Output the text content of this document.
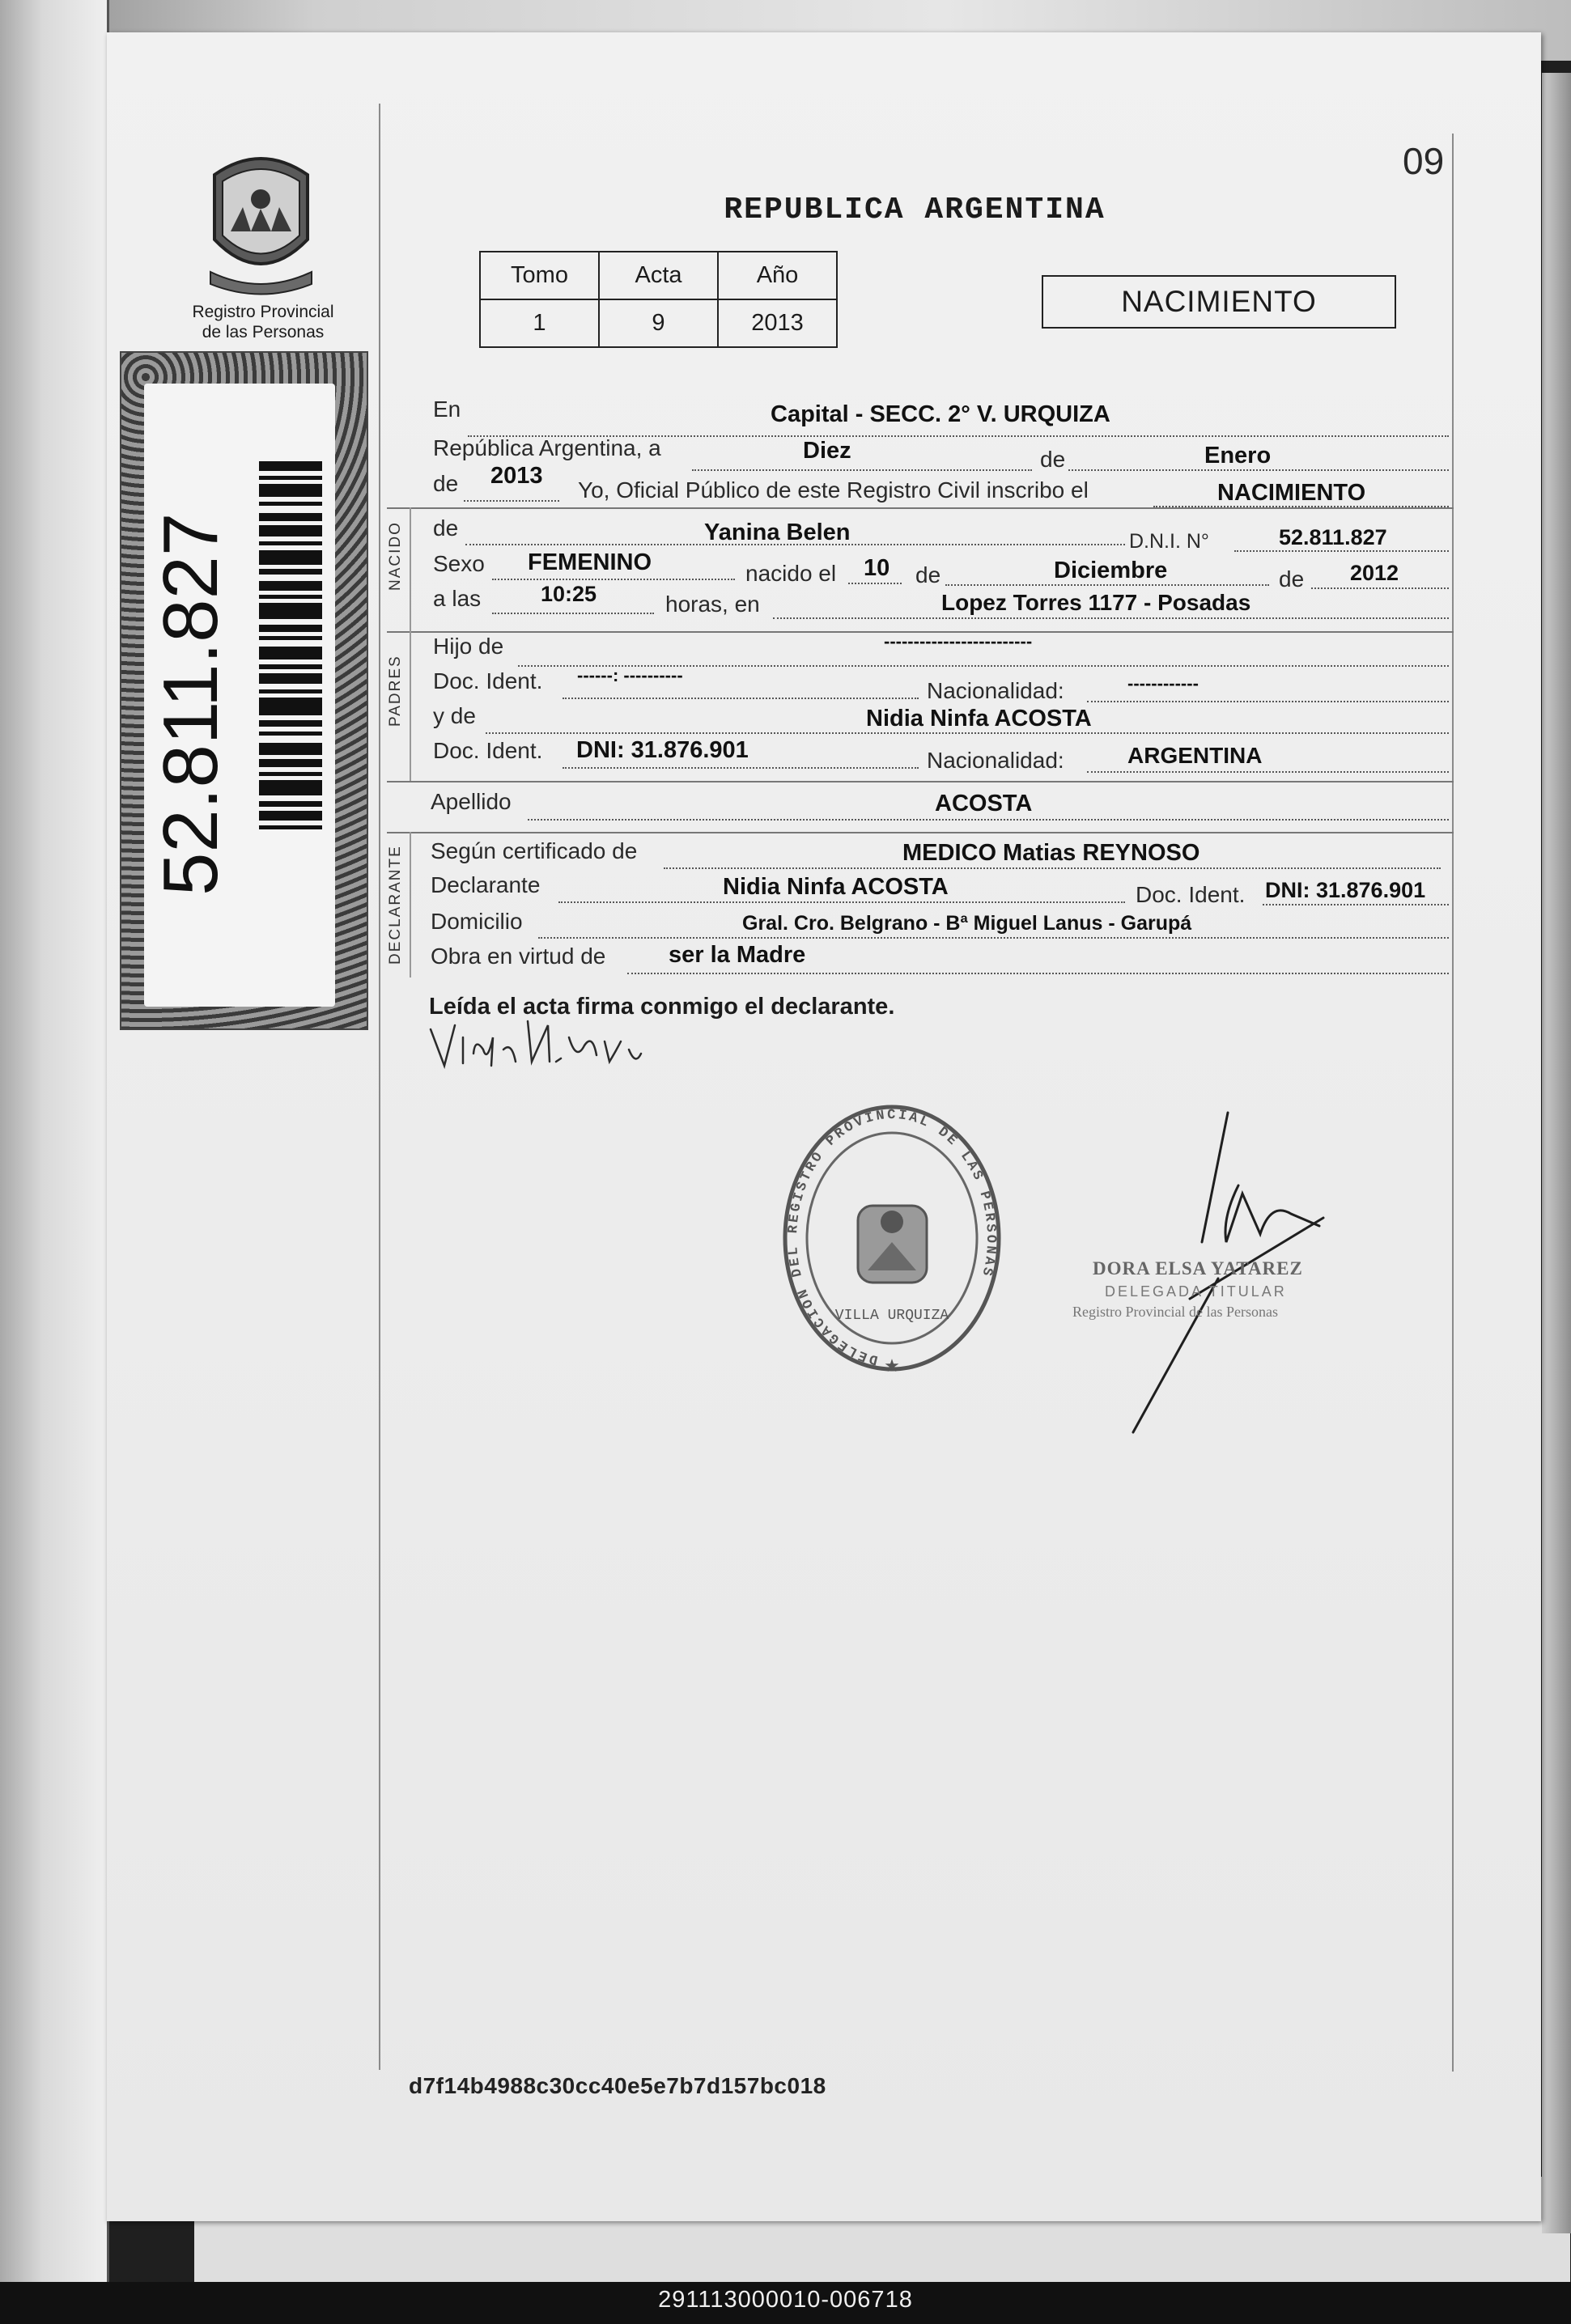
09
Registro Provincial
de las Personas
52.811.827
REPUBLICA ARGENTINA
Tomo	Acta	Año
1	9	2013
NACIMIENTO
NACIDO
PADRES
DECLARANTE
En	Capital - SECC. 2° V. URQUIZA
República Argentina, a	Diez	de	Enero
de 2013
Yo, Oficial Público de este Registro Civil inscribo el	NACIMIENTO
de	Yanina Belen	D.N.I. N°	52.811.827
Sexo FEMENINO	nacido el 10 de	Diciembre	de 2012
a las	10:25	horas, en	Lopez Torres 1177 - Posadas
Hijo de	-------------------------
Doc. Ident. ------: ----------
Nacionalidad:	------------
y de	Nidia Ninfa ACOSTA
Doc. Ident. DNI: 31.876.901	Nacionalidad:	ARGENTINA
Apellido	ACOSTA
Según certificado de	MEDICO Matias REYNOSO
Declarante	Nidia Ninfa ACOSTA	Doc. Ident. DNI: 31.876.901
Domicilio	Gral. Cro. Belgrano - Bª Miguel Lanus - Garupá
Obra en virtud de	ser la Madre
Leída el acta firma conmigo el declarante.
DELEGACION DEL REGISTRO PROVINCIAL DE LAS PERSONAS
VILLA URQUIZA
★
DORA ELSA YATAREZ
DELEGADA TITULAR
Registro Provincial de las Personas
d7f14b4988c30cc40e5e7b7d157bc018
291113000010-006718
